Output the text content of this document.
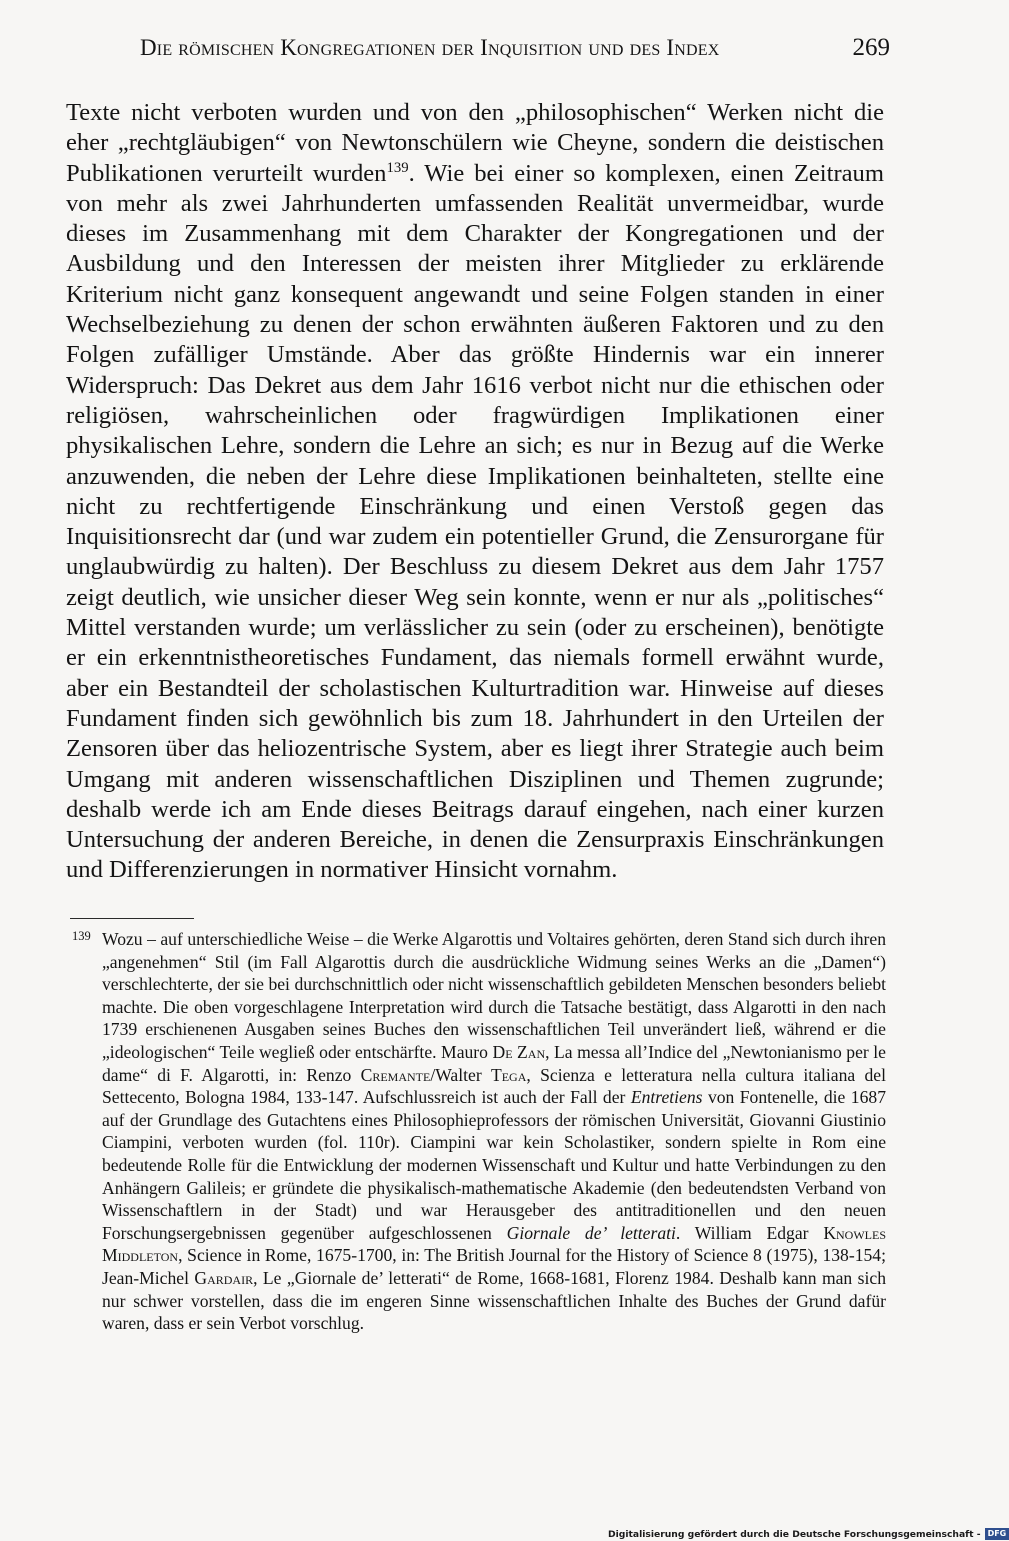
Die römischen Kongregationen der Inquisition und des Index	269

Texte nicht verboten wurden und von den „philosophischen“ Werken nicht die eher „rechtgläubigen“ von Newtonschülern wie Cheyne, sondern die deistischen Publikationen verurteilt wurden$^{139}$. Wie bei einer so komplexen, einen Zeitraum von mehr als zwei Jahrhunderten umfassenden Realität unvermeidbar, wurde dieses im Zusammenhang mit dem Charakter der Kongregationen und der Ausbildung und den Interessen der meisten ihrer Mitglieder zu erklärende Kriterium nicht ganz konsequent angewandt und seine Folgen standen in einer Wechselbeziehung zu denen der schon erwähnten äußeren Faktoren und zu den Folgen zufälliger Umstände. Aber das größte Hindernis war ein innerer Widerspruch: Das Dekret aus dem Jahr 1616 verbot nicht nur die ethischen oder religiösen, wahrscheinlichen oder fragwürdigen Implikationen einer physikalischen Lehre, sondern die Lehre an sich; es nur in Bezug auf die Werke anzuwenden, die neben der Lehre diese Implikationen beinhalteten, stellte eine nicht zu rechtfertigende Einschränkung und einen Verstoß gegen das Inquisitionsrecht dar (und war zudem ein potentieller Grund, die Zensurorgane für unglaubwürdig zu halten). Der Beschluss zu diesem Dekret aus dem Jahr 1757 zeigt deutlich, wie unsicher dieser Weg sein konnte, wenn er nur als „politisches“ Mittel verstanden wurde; um verlässlicher zu sein (oder zu erscheinen), benötigte er ein erkenntnistheoretisches Fundament, das niemals formell erwähnt wurde, aber ein Bestandteil der scholastischen Kulturtradition war. Hinweise auf dieses Fundament finden sich gewöhnlich bis zum 18. Jahrhundert in den Urteilen der Zensoren über das heliozentrische System, aber es liegt ihrer Strategie auch beim Umgang mit anderen wissenschaftlichen Disziplinen und Themen zugrunde; deshalb werde ich am Ende dieses Beitrags darauf eingehen, nach einer kurzen Untersuchung der anderen Bereiche, in denen die Zensurpraxis Einschränkungen und Differenzierungen in normativer Hinsicht vornahm.

139 Wozu – auf unterschiedliche Weise – die Werke Algarottis und Voltaires gehörten, deren Stand sich durch ihren „angenehmen“ Stil (im Fall Algarottis durch die ausdrückliche Widmung seines Werks an die „Damen“) verschlechterte, der sie bei durchschnittlich oder nicht wissenschaftlich gebildeten Menschen besonders beliebt machte. Die oben vorgeschlagene Interpretation wird durch die Tatsache bestätigt, dass Algarotti in den nach 1739 erschienenen Ausgaben seines Buches den wissenschaftlichen Teil unverändert ließ, während er die „ideologischen“ Teile wegließ oder entschärfte. Mauro De Zan, La messa all’Indice del „Newtonianismo per le dame“ di F. Algarotti, in: Renzo Cremante/Walter Tega, Scienza e letteratura nella cultura italiana del Settecento, Bologna 1984, 133-147. Aufschlussreich ist auch der Fall der Entretiens von Fontenelle, die 1687 auf der Grundlage des Gutachtens eines Philosophieprofessors der römischen Universität, Giovanni Giustinio Ciampini, verboten wurden (fol. 110r). Ciampini war kein Scholastiker, sondern spielte in Rom eine bedeutende Rolle für die Entwicklung der modernen Wissenschaft und Kultur und hatte Verbindungen zu den Anhängern Galileis; er gründete die physikalisch-mathematische Akademie (den bedeutendsten Verband von Wissenschaftlern in der Stadt) und war Herausgeber des antitraditionellen und den neuen Forschungsergebnissen gegenüber aufgeschlossenen Giornale de’ letterati. William Edgar Knowles Middleton, Science in Rome, 1675-1700, in: The British Journal for the History of Science 8 (1975), 138-154; Jean-Michel Gardair, Le „Giornale de’ letterati“ de Rome, 1668-1681, Florenz 1984. Deshalb kann man sich nur schwer vorstellen, dass die im engeren Sinne wissenschaftlichen Inhalte des Buches der Grund dafür waren, dass er sein Verbot vorschlug.

Digitalisierung gefördert durch die Deutsche Forschungsgemeinschaft - DFG
